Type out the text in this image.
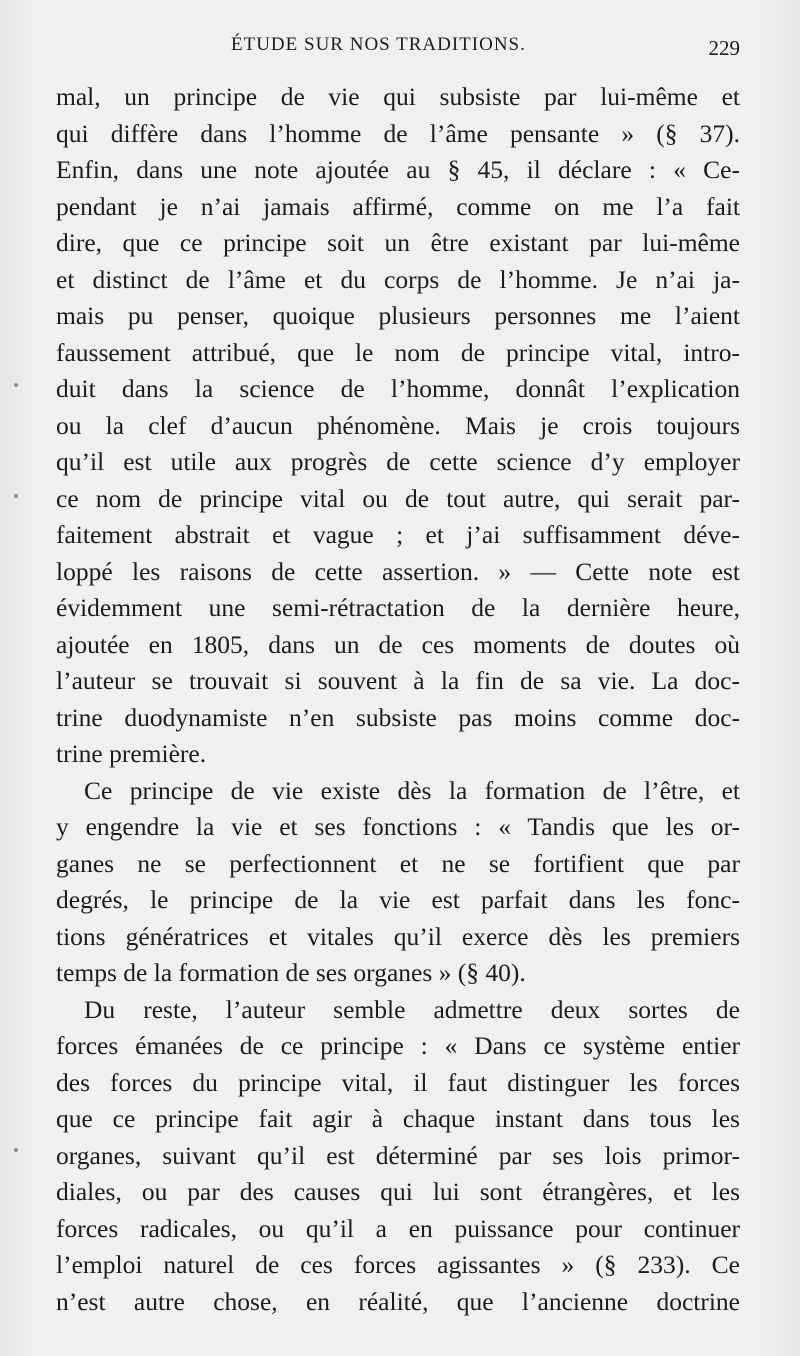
ÉTUDE SUR NOS TRADITIONS.	229
mal, un principe de vie qui subsiste par lui-même et
qui diffère dans l’homme de l’âme pensante » (§ 37).
Enfin, dans une note ajoutée au § 45, il déclare : « Ce-
pendant je n’ai jamais affirmé, comme on me l’a fait
dire, que ce principe soit un être existant par lui-même
et distinct de l’âme et du corps de l’homme. Je n’ai ja-
mais pu penser, quoique plusieurs personnes me l’aient
faussement attribué, que le nom de principe vital, intro-
duit dans la science de l’homme, donnât l’explication
ou la clef d’aucun phénomène. Mais je crois toujours
qu’il est utile aux progrès de cette science d’y employer
ce nom de principe vital ou de tout autre, qui serait par-
faitement abstrait et vague ; et j’ai suffisamment déve-
loppé les raisons de cette assertion. » — Cette note est
évidemment une semi-rétractation de la dernière heure,
ajoutée en 1805, dans un de ces moments de doutes où
l’auteur se trouvait si souvent à la fin de sa vie. La doc-
trine duodynamiste n’en subsiste pas moins comme doc-
trine première.
Ce principe de vie existe dès la formation de l’être, et
y engendre la vie et ses fonctions : « Tandis que les or-
ganes ne se perfectionnent et ne se fortifient que par
degrés, le principe de la vie est parfait dans les fonc-
tions génératrices et vitales qu’il exerce dès les premiers
temps de la formation de ses organes » (§ 40).
Du reste, l’auteur semble admettre deux sortes de
forces émanées de ce principe : « Dans ce système entier
des forces du principe vital, il faut distinguer les forces
que ce principe fait agir à chaque instant dans tous les
organes, suivant qu’il est déterminé par ses lois primor-
diales, ou par des causes qui lui sont étrangères, et les
forces radicales, ou qu’il a en puissance pour continuer
l’emploi naturel de ces forces agissantes » (§ 233). Ce
n’est autre chose, en réalité, que l’ancienne doctrine
